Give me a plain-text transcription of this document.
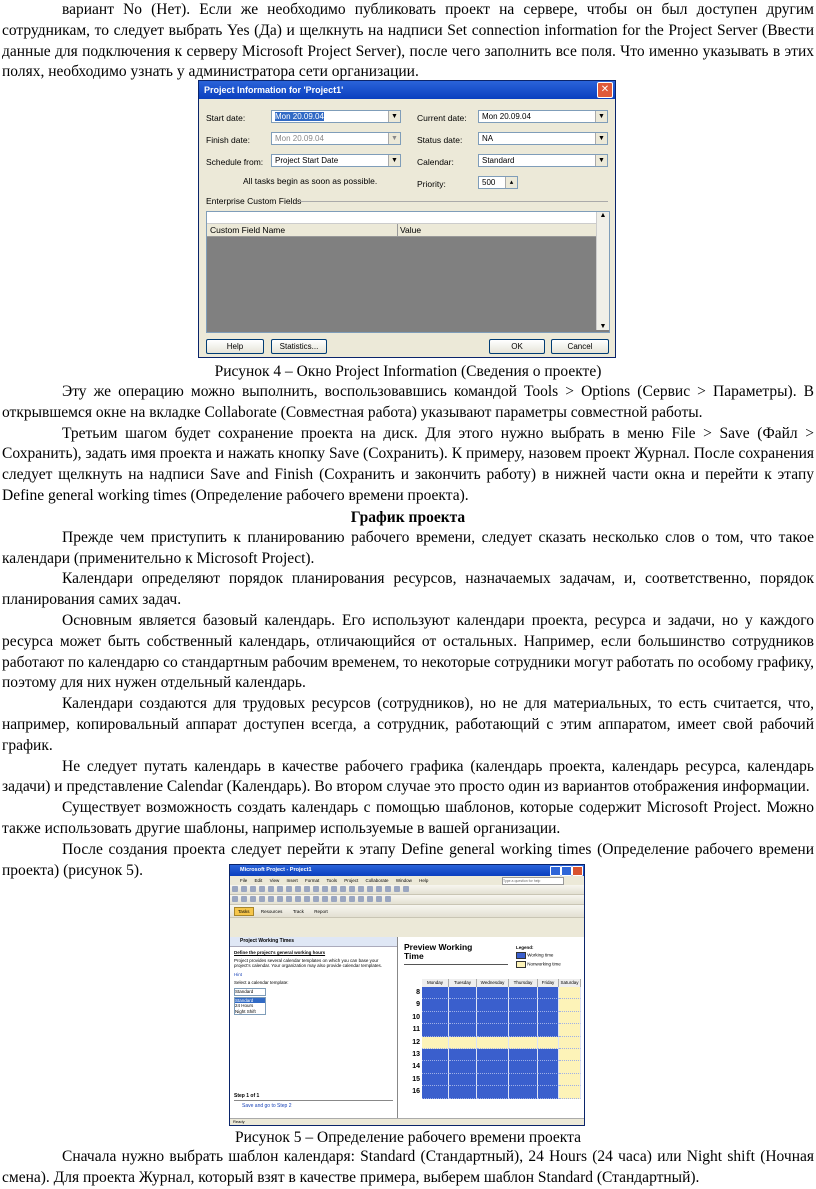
вариант No (Нет). Если же необходимо публиковать проект на сервере, чтобы он был доступен другим сотрудникам, то следует выбрать Yes (Да) и щелкнуть на надписи Set connection information for the Project Server (Ввести данные для подключения к серверу Microsoft Project Server), после чего заполнить все поля. Что именно указывать в этих полях, необходимо узнать у администратора сети организации.

Project Information for 'Project1'	✕
Start date:	Mon 20.09.04	▼
Finish date:	Mon 20.09.04	▼
Schedule from:	Project Start Date	▼
All tasks begin as soon as possible.
Current date:	Mon 20.09.04	▼
Status date:	NA	▼
Calendar:	Standard	▼
Priority:	500	▴
Enterprise Custom Fields
Custom Field Name	Value
▲
▼
Help	Statistics...	OK	Cancel

Рисунок 4 – Окно Project Information (Сведения о проекте)

Эту же операцию можно выполнить, воспользовавшись командой Tools > Options (Сервис > Параметры). В открывшемся окне на вкладке Collaborate (Совместная работа) указывают параметры совместной работы.

Третьим шагом будет сохранение проекта на диск. Для этого нужно выбрать в меню File > Save (Файл > Сохранить), задать имя проекта и нажать кнопку Save (Сохранить). К примеру, назовем проект Журнал. После сохранения следует щелкнуть на надписи Save and Finish (Сохранить и закончить работу) в нижней части окна и перейти к этапу Define general working times (Определение рабочего времени проекта).

График проекта

Прежде чем приступить к планированию рабочего времени, следует сказать несколько слов о том, что такое календари (применительно к Microsoft Project).

Календари определяют порядок планирования ресурсов, назначаемых задачам, и, соответственно, порядок планирования самих задач.

Основным является базовый календарь. Его используют календари проекта, ресурса и задачи, но у каждого ресурса может быть собственный календарь, отличающийся от остальных. Например, если большинство сотрудников работают по календарю со стандартным рабочим временем, то некоторые сотрудники могут работать по особому графику, поэтому для них нужен отдельный календарь.

Календари создаются для трудовых ресурсов (сотрудников), но не для материальных, то есть считается, что, например, копировальный аппарат доступен всегда, а сотрудник, работающий с этим аппаратом, имеет свой рабочий график.

Не следует путать календарь в качестве рабочего графика (календарь проекта, календарь ресурса, календарь задачи) и представление Calendar (Календарь). Во втором случае это просто один из вариантов отображения информации.

Существует возможность создать календарь с помощью шаблонов, которые содержит Microsoft Project. Можно также использовать другие шаблоны, например используемые в вашей организации.

После создания проекта следует перейти к этапу Define general working times (Определение рабочего времени проекта) (рисунок 5).	Microsoft Project - Project1
File Edit View Insert Format Tools Project Collaborate Window Help	Type a question for help
Tasks	Resources Track Report
Project Working Times
Define the project's general working hours
Project provides several calendar templates on which you can base your project's calendar. Your organization may also provide calendar templates.
Hint
Select a calendar template:
Standard
Standard
24 Hours
Night Shift
Step 1 of 1
Save and go to Step 2
Preview Working
Time
Legend:
Working time
Nonworking time
Monday	Tuesday	Wednesday	Thursday	Friday	Saturday
8
9
10
11
12
13
14
15
16
Ready

Рисунок 5 – Определение рабочего времени проекта

Сначала нужно выбрать шаблон календаря: Standard (Стандартный), 24 Hours (24 часа) или Night shift (Ночная смена). Для проекта Журнал, который взят в качестве примера, выберем шаблон Standard (Стандартный).
